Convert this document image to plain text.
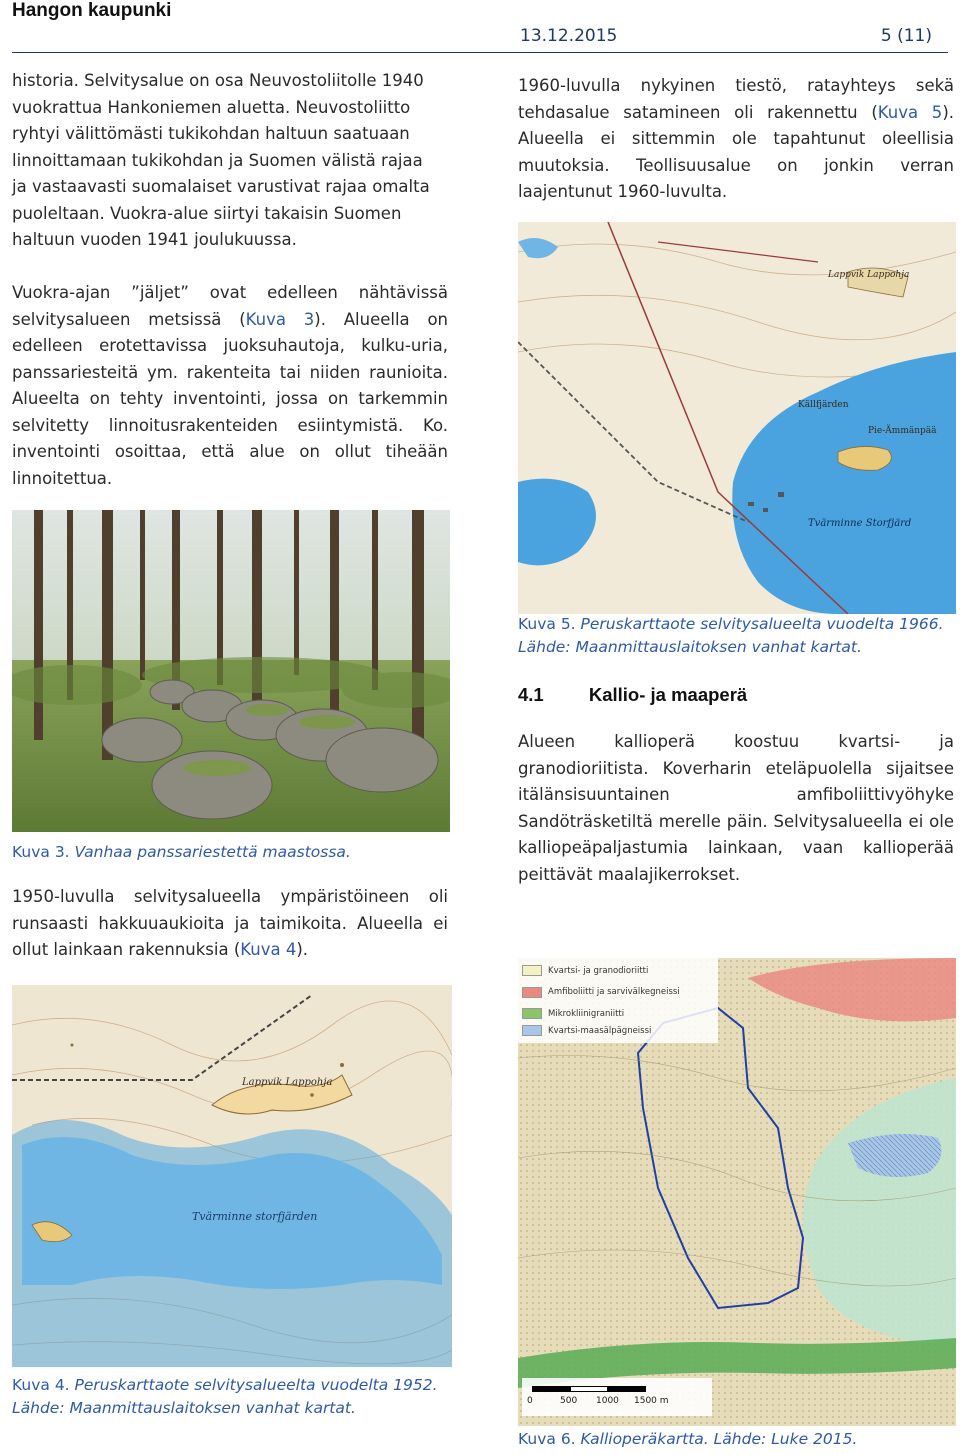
Hangon kaupunki
13.12.2015	5 (11)
historia. Selvitysalue on osa Neuvostoliitolle 1940
vuokrattua Hankoniemen aluetta. Neuvostoliitto
ryhtyi välittömästi tukikohdan haltuun saatuaan
linnoittamaan tukikohdan ja Suomen välistä rajaa
ja vastaavasti suomalaiset varustivat rajaa omalta
puoleltaan. Vuokra-alue siirtyi takaisin Suomen
haltuun vuoden 1941 joulukuussa.
Vuokra-ajan ”jäljet” ovat edelleen nähtävissä selvitysalueen metsissä (Kuva 3). Alueella on edelleen erotettavissa juoksuhautoja, kulku-uria, panssariesteitä ym. rakenteita tai niiden raunioita. Alueelta on tehty inventointi, jossa on tarkemmin selvitetty linnoitusrakenteiden esiintymistä. Ko. inventointi osoittaa, että alue on ollut tiheään linnoitettua.
Kuva 3. Vanhaa panssariestettä maastossa.
1950-luvulla selvitysalueella ympäristöineen oli runsaasti hakkuuaukioita ja taimikoita. Alueella ei ollut lainkaan rakennuksia (Kuva 4).
Lappvik Lappohja
Tvärminne storfjärden
Kuva 4. Peruskarttaote selvitysalueelta vuodelta 1952.
Lähde: Maanmittauslaitoksen vanhat kartat.
1960-luvulla nykyinen tiestö, ratayhteys sekä tehdasalue satamineen oli rakennettu (Kuva 5). Alueella ei sittemmin ole tapahtunut oleellisia muutoksia. Teollisuusalue on jonkin verran laajentunut 1960-luvulta.
Lappvik Lappohja
Källfjärden
Pie-Ämmänpää
Tvärminne Storfjärd
Kuva 5. Peruskarttaote selvitysalueelta vuodelta 1966.
Lähde: Maanmittauslaitoksen vanhat kartat.
4.1 Kallio- ja maaperä
Alueen kallioperä koostuu kvartsi- ja granodioriitista. Koverharin eteläpuolella sijaitsee itälänsisuuntainen amfiboliittivyöhyke Sandöträsketiltä merelle päin. Selvitysalueella ei ole kalliopeäpaljastumia lainkaan, vaan kallioperää peittävät maalajikerrokset.
Kvartsi- ja granodioriitti
Amfiboliitti ja sarvivälkegneissi
Mikrokliinigraniitti
Kvartsi-maasälpägneissi
0	500 1000 1500 m
Kuva 6. Kallioperäkartta. Lähde: Luke 2015.
